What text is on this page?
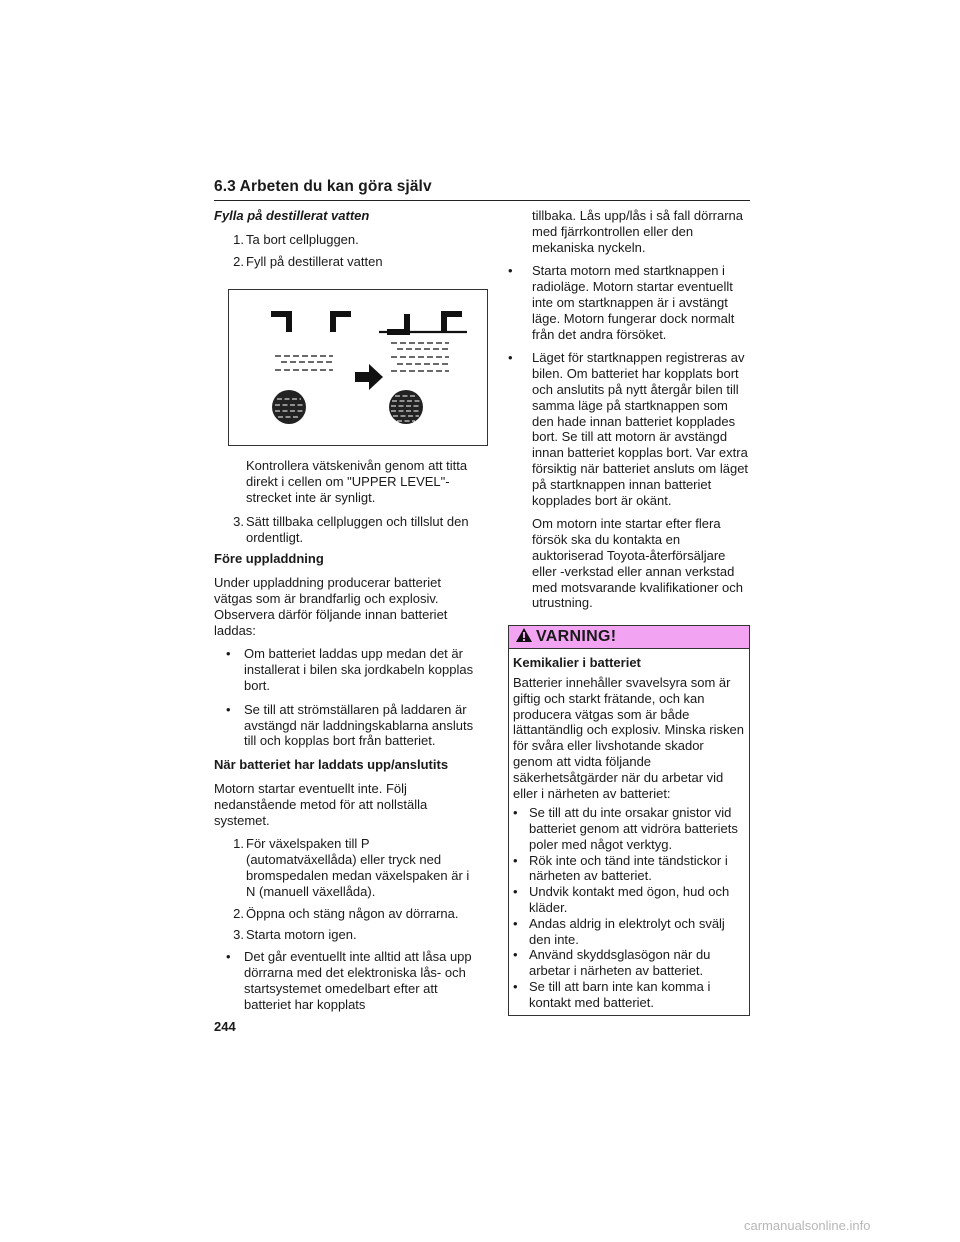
6.3 Arbeten du kan göra själv
Fylla på destillerat vatten
1. Ta bort cellpluggen.
2. Fyll på destillerat vatten

Kontrollera vätskenivån genom att titta direkt i cellen om "UPPER LEVEL"-strecket inte är synligt.

3. Sätt tillbaka cellpluggen och tillslut den ordentligt.
Före uppladdning

Under uppladdning producerar batteriet vätgas som är brandfarlig och explosiv. Observera därför följande innan batteriet laddas:

•	Om batteriet laddas upp medan det är installerat i bilen ska jordkabeln kopplas bort.
•	Se till att strömställaren på laddaren är avstängd när laddningskablarna ansluts till och kopplas bort från batteriet.
När batteriet har laddats upp/anslutits

Motorn startar eventuellt inte. Följ nedanstående metod för att nollställa systemet.

1. För växelspaken till P (automatväxellåda) eller tryck ned bromspedalen medan växelspaken är i N (manuell växellåda).
2. Öppna och stäng någon av dörrarna.
3. Starta motorn igen.
•	Det går eventuellt inte alltid att låsa upp dörrarna med det elektroniska lås- och startsystemet omedelbart efter att batteriet har kopplats

tillbaka. Lås upp/lås i så fall dörrarna med fjärrkontrollen eller den mekaniska nyckeln.

•	Starta motorn med startknappen i radioläge. Motorn startar eventuellt inte om startknappen är i avstängt läge. Motorn fungerar dock normalt från det andra försöket.
•	Läget för startknappen registreras av bilen. Om batteriet har kopplats bort och anslutits på nytt återgår bilen till samma läge på startknappen som den hade innan batteriet kopplades bort. Se till att motorn är avstängd innan batteriet kopplas bort. Var extra försiktig när batteriet ansluts om läget på startknappen innan batteriet kopplades bort är okänt.

Om motorn inte startar efter flera försök ska du kontakta en auktoriserad Toyota-återförsäljare eller -verkstad eller annan verkstad med motsvarande kvalifikationer och utrustning.

VARNING!
Kemikalier i batteriet

Batterier innehåller svavelsyra som är giftig och starkt frätande, och kan producera vätgas som är både lättantändlig och explosiv. Minska risken för svåra eller livshotande skador genom att vidta följande säkerhetsåtgärder när du arbetar vid eller i närheten av batteriet:

• Se till att du inte orsakar gnistor vid batteriet genom att vidröra batteriets poler med något verktyg.
• Rök inte och tänd inte tändstickor i närheten av batteriet.
• Undvik kontakt med ögon, hud och kläder.
• Andas aldrig in elektrolyt och svälj den inte.
• Använd skyddsglasögon när du arbetar i närheten av batteriet.
• Se till att barn inte kan komma i kontakt med batteriet.
244
carmanualsonline.info
